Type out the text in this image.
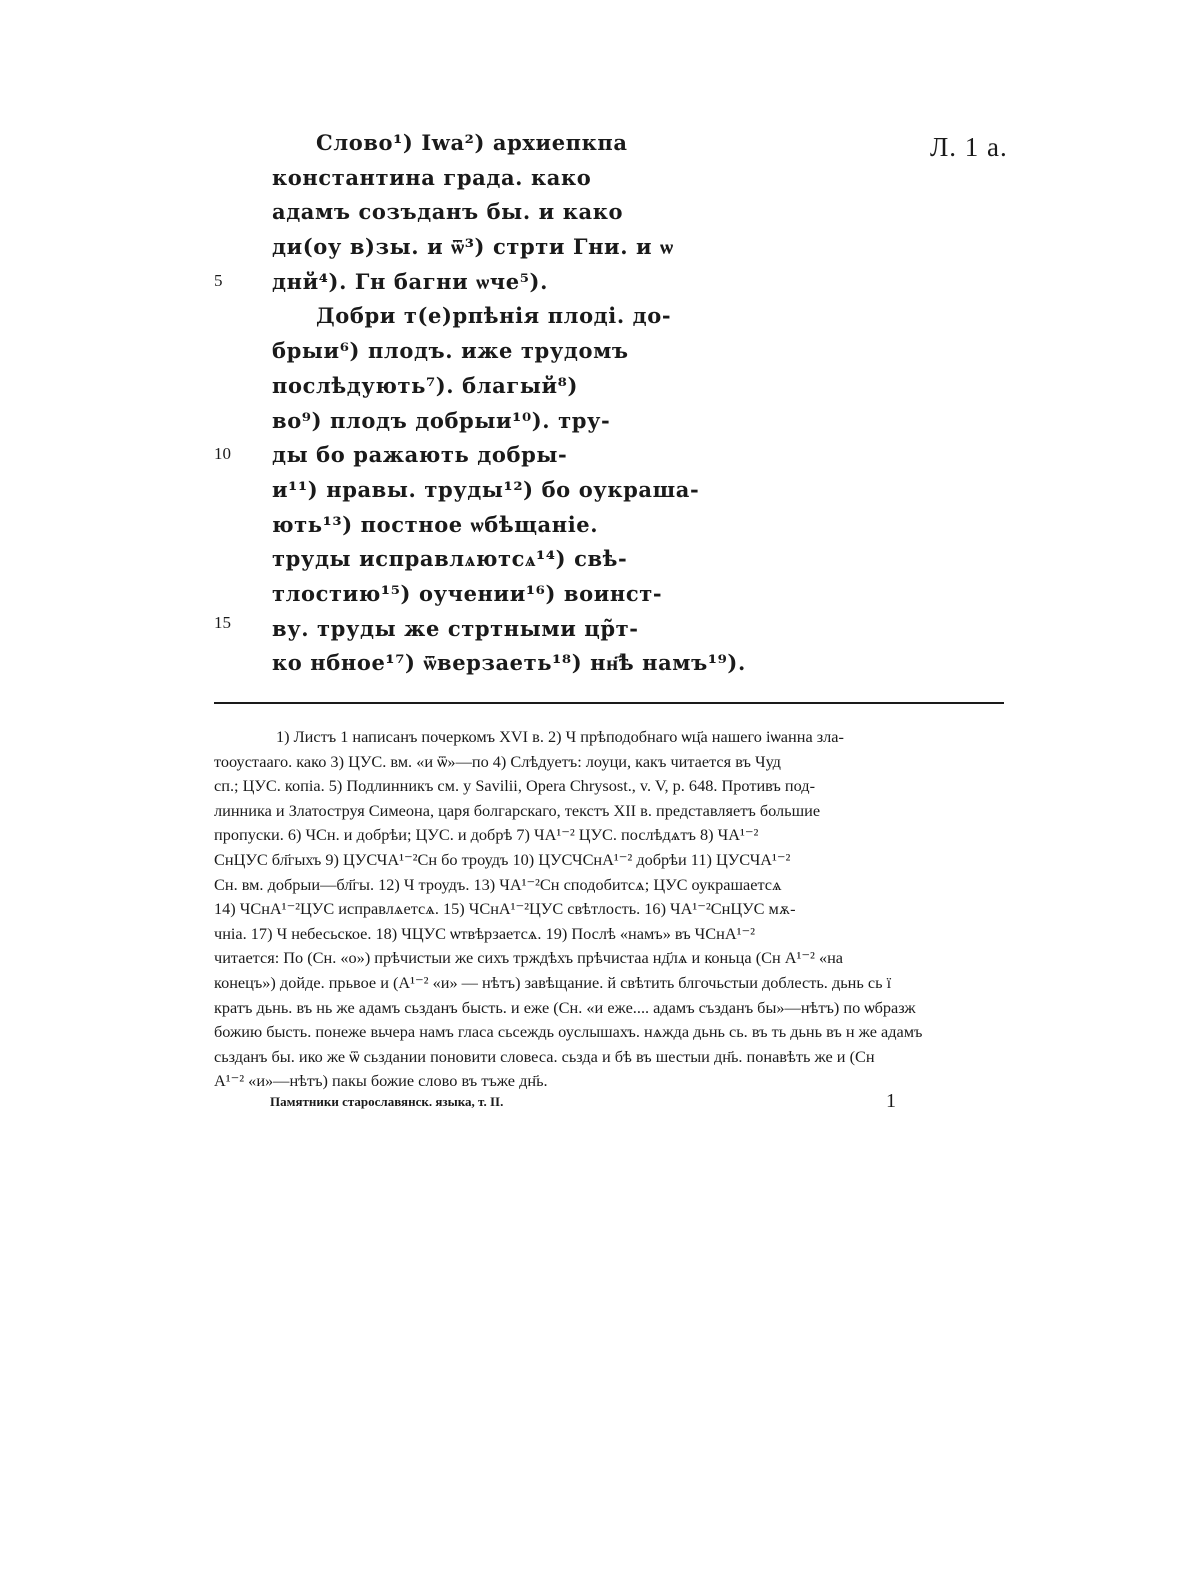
Л. 1 а.
5
10
15
Слово¹) Iwa²) архиепкпа
константина града. како
адамъ созъданъ бы. и како
ди(оу в)зы. и ѿ³) стрти Гни. и ѡ
днй⁴). Гн бaгни ѡче⁵).
Добри т(е)рпѣнiя плодi. до-
брыи⁶) плодъ. иже трудомъ
послѣдують⁷). благый⁸)
во⁹) плодъ добрыи¹⁰). тру-
ды бо ражають добры-
и¹¹) нравы. труды¹²) бо оукраша-
ють¹³) постное ѡбѣщанiе.
труды исправлѧютсѧ¹⁴) свѣ-
тлостию¹⁵) оучении¹⁶) воинст-
ву. труды же стртными цр̃т-
ко нбное¹⁷) ѿверзаеть¹⁸) нн҃ѣ намъ¹⁹).
1) Листъ 1 написанъ почеркомъ XVI в. 2) Ч прѣподобнаго ѡц҃а нашего iѡанна зла-
тооустааго. како 3) ЦУС. вм. «и ѿ»—по 4) Слѣдуетъ: лоуци, какъ читается въ Чуд
сп.; ЦУС. копiа. 5) Подлинникъ см. у Savilii, Opera Chrysost., v. V, p. 648. Противъ под-
линника и Златоструя Симеона, царя болгарскаго, текстъ XII в. представляетъ большие
пропуски. 6) ЧСн. и добрѣи; ЦУС. и добрѣ 7) ЧА¹⁻² ЦУС. послѣдѧтъ 8) ЧА¹⁻²
СнЦУС бл҃гыхъ 9) ЦУСЧА¹⁻²Сн бо троудъ 10) ЦУСЧСнА¹⁻² добрѣи 11) ЦУСЧА¹⁻²
Сн. вм. добрыи—бл҃гы. 12) Ч троудъ. 13) ЧА¹⁻²Сн сподобитсѧ; ЦУС оукрашаетсѧ
14) ЧСнА¹⁻²ЦУС исправлѧетсѧ. 15) ЧСнА¹⁻²ЦУС свѣтлость. 16) ЧА¹⁻²СнЦУС мѫ-
чнiа. 17) Ч небесьское. 18) ЧЦУС ѡтвѣрзаетсѧ. 19) Послѣ «намъ» въ ЧСнА¹⁻²
читается: По (Сн. «о») прѣчистыи же сихъ трждѣхъ прѣчистаа нд҃лѧ и коньца (Сн А¹⁻² «на
конецъ») дойде. прьвое и (А¹⁻² «и» — нѣтъ) завѣщание. й свѣтить блгочьстыи доблесть. дьнь сь ї
кратъ дьнь. въ нь же адамъ сьзданъ бысть. и еже (Сн. «и еже.... адамъ създанъ бы»—нѣтъ) по ѡбразж
божию бысть. понеже вьчера намъ гласа сьсеждь оуслышахъ. нѧжда дьнь сь. въ ть дьнь въ н же адамъ
сьзданъ бы. ико же ѿ сьздании поновити словеса. сьзда и бѣ въ шестыи дн҃ь. понавѣть же и (Сн
А¹⁻² «и»—нѣтъ) пакы божие слово въ тъже дн҃ь.
Памятники старославянск. языка, т. II.	1
